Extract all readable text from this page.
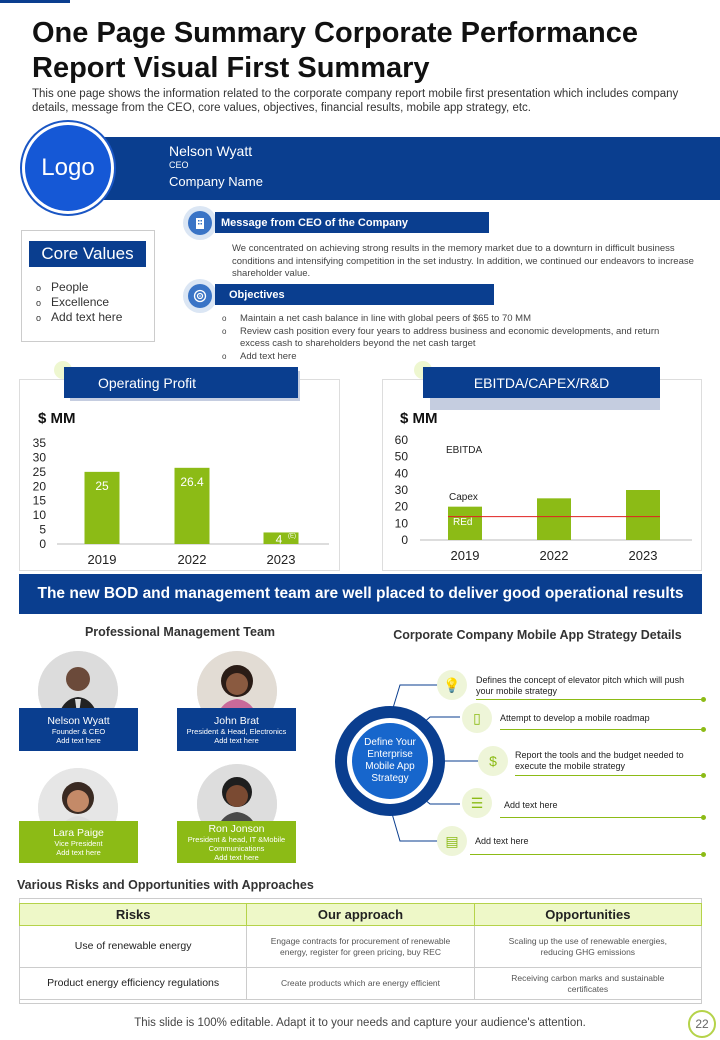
One Page Summary Corporate Performance Report Visual First Summary
This one page shows the information related to the corporate company report mobile first presentation which includes company details, message from the CEO, core values, objectives, financial results, mobile app strategy, etc.
Logo
Nelson Wyatt
CEO
Company Name
Message from CEO of the Company
We concentrated on achieving strong results in the memory market due to a downturn in difficult business conditions and intensifying competition in the set industry. In addition, we continued our endeavors to increase shareholder value.
Objectives
o Maintain a net cash balance in line with global peers of $65 to 70 MM
o Review cash position every four years to address business and economic developments, and return excess cash to shareholders beyond the net cash target
o Add text here
Core Values
o People
o Excellence
o Add text here
Operating Profit
$ MM
0
5
10
15
20
25
30
35
25
2019
26.4
2022
4
2023
(E)
EBITDA/CAPEX/R&D
$ MM
0
10
20
30
40
50
60
2019	2022	2023
EBITDA
Capex
REd
The new BOD and management team are well placed to deliver good operational results
Professional Management Team
Nelson Wyatt
Founder & CEO
Add text here
John Brat
President & Head, Electronics
Add text here
Lara Paige
Vice President
Add text here
Ron Jonson
President & head, IT &Mobile Communications
Add text here
Corporate Company Mobile App Strategy Details
Define Your Enterprise Mobile App Strategy
💡 Defines the concept of elevator pitch which will push your mobile strategy
▯ Attempt to develop a mobile roadmap
$ Report the tools and the budget needed to execute the mobile strategy
☰ Add text here
▤ Add text here
Various Risks and Opportunities with Approaches
Risks	Our approach	Opportunities
Use of renewable energy	Engage contracts for procurement of renewable energy, register for green pricing, buy REC	Scaling up the use of renewable energies, reducing GHG emissions
Product energy efficiency regulations	Create products which are energy efficient	Receiving carbon marks and sustainable certificates
This slide is 100% editable. Adapt it to your needs and capture your audience's attention.	22
